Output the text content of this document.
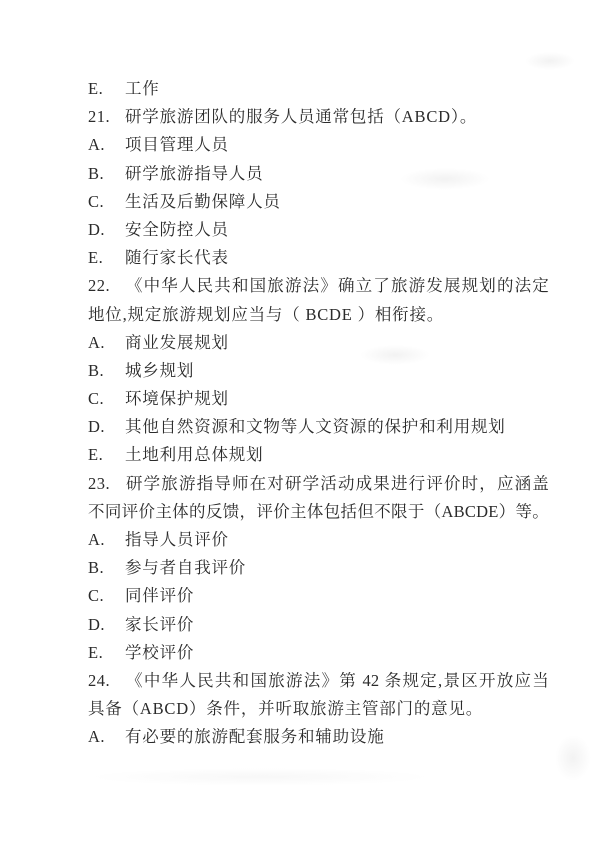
E. 工作
21. 研学旅游团队的服务人员通常包括（ABCD）。
A. 项目管理人员
B. 研学旅游指导人员
C. 生活及后勤保障人员
D. 安全防控人员
E. 随行家长代表
22. 《中华人民共和国旅游法》确立了旅游发展规划的法定
地位,规定旅游规划应当与（ BCDE ）相衔接。
A. 商业发展规划
B. 城乡规划
C. 环境保护规划
D. 其他自然资源和文物等人文资源的保护和利用规划
E. 土地利用总体规划
23. 研学旅游指导师在对研学活动成果进行评价时，应涵盖
不同评价主体的反馈，评价主体包括但不限于（ABCDE）等。
A. 指导人员评价
B. 参与者自我评价
C. 同伴评价
D. 家长评价
E. 学校评价
24. 《中华人民共和国旅游法》第 42 条规定,景区开放应当
具备（ABCD）条件，并听取旅游主管部门的意见。
A. 有必要的旅游配套服务和辅助设施
